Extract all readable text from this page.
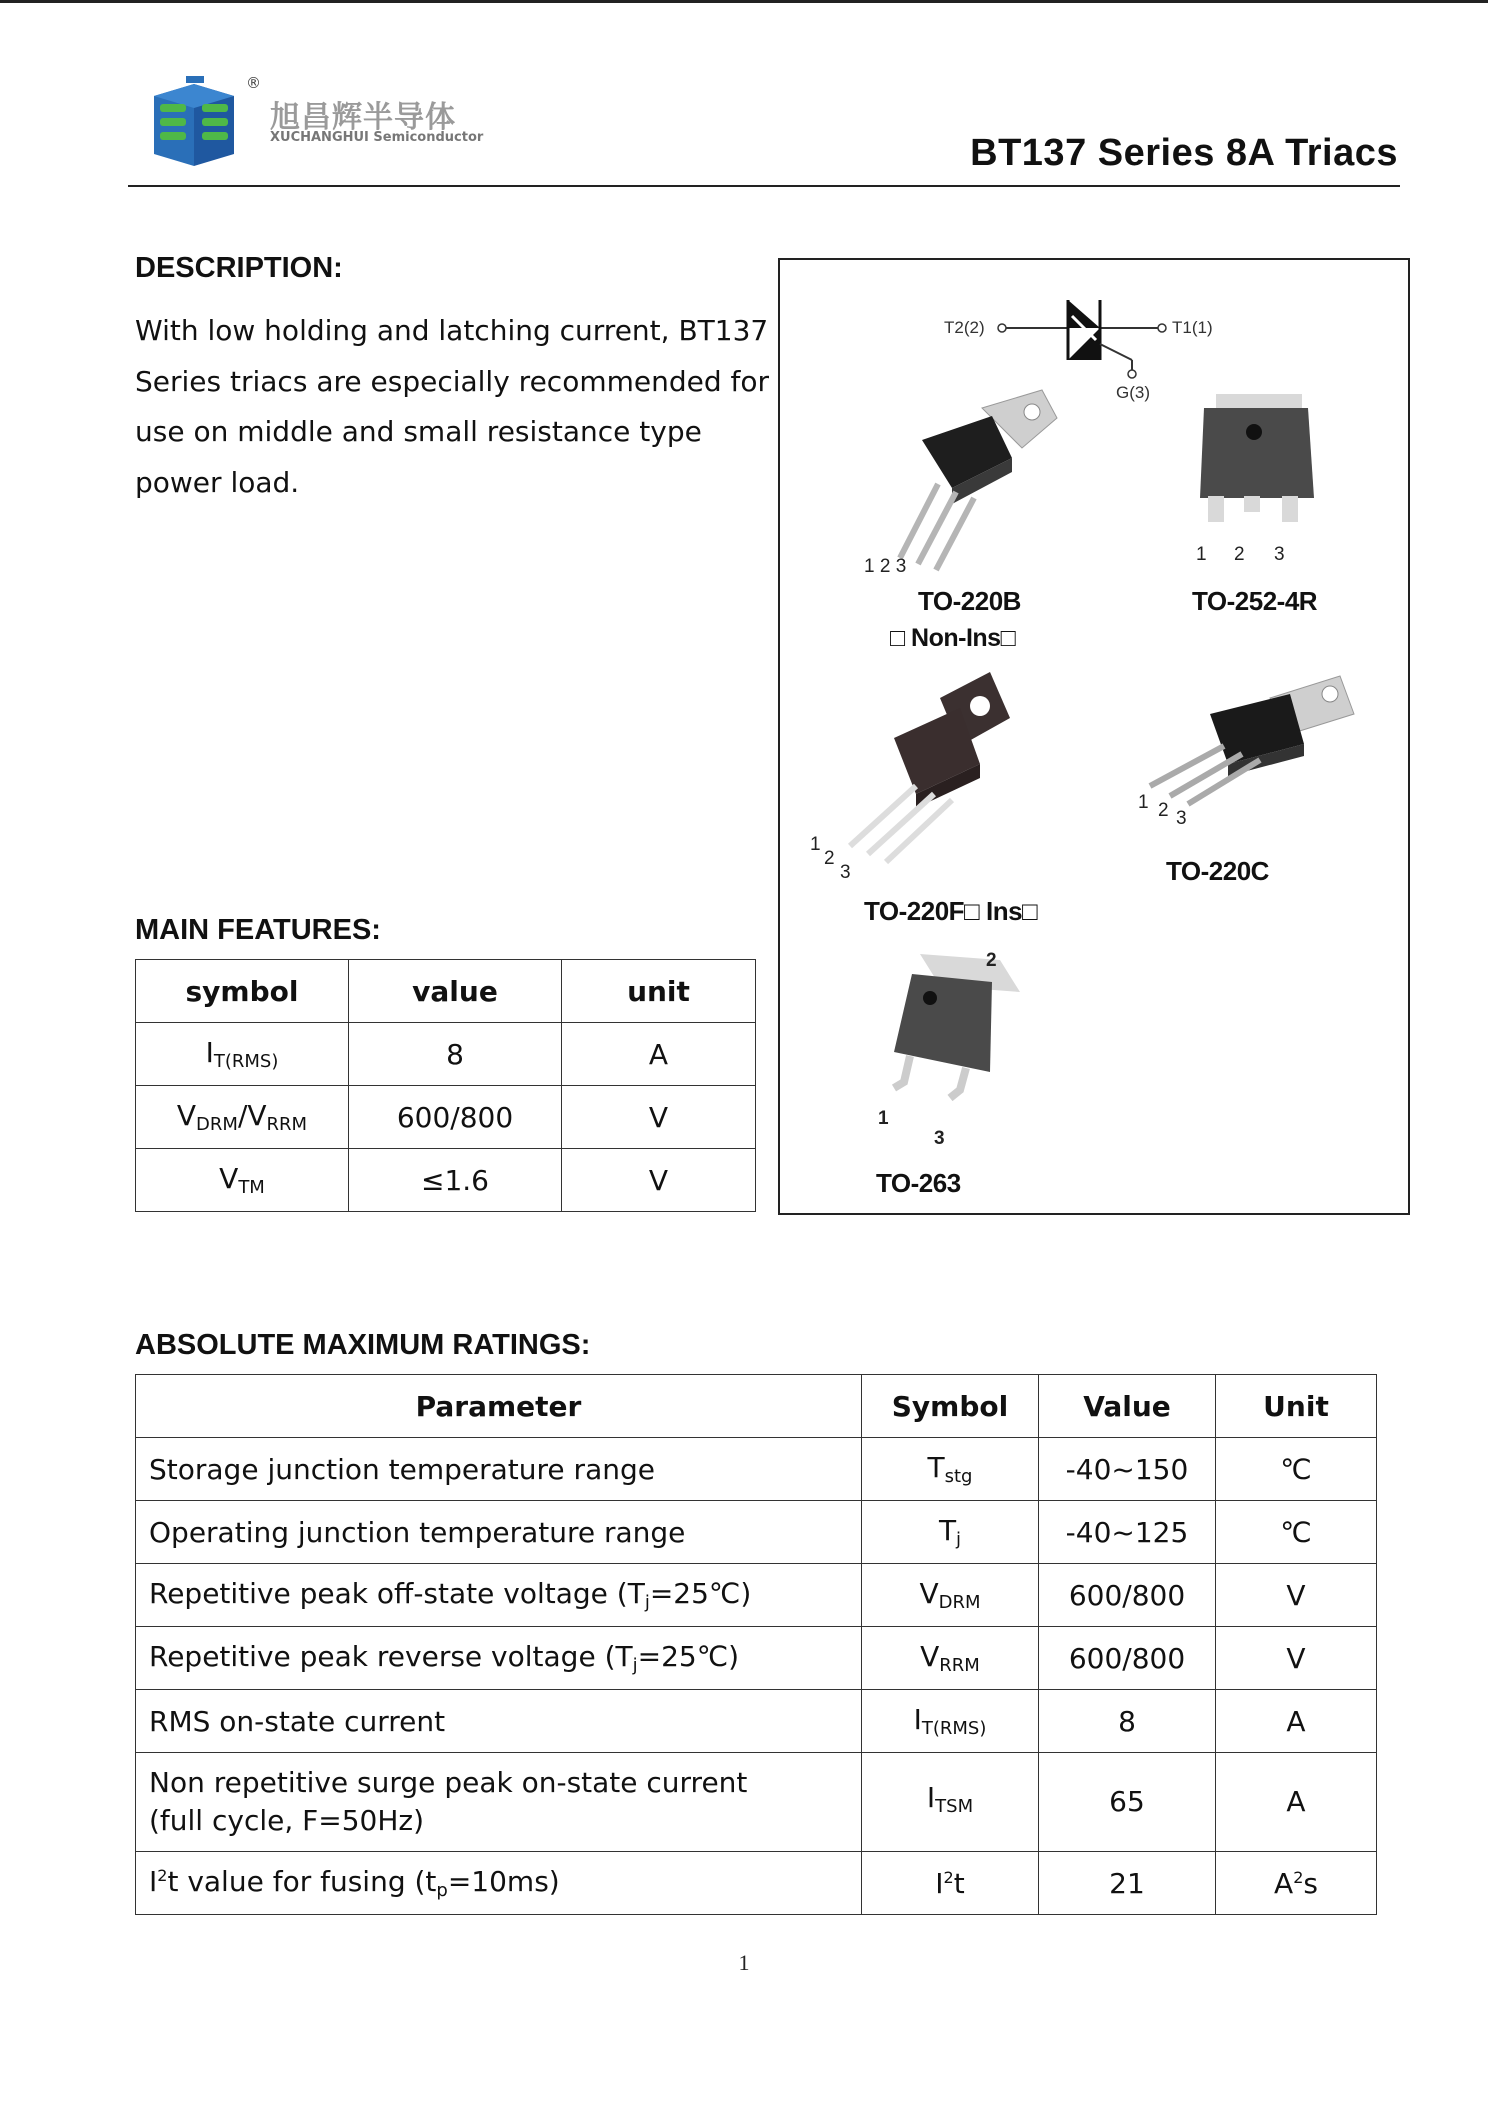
®
旭昌辉半导体
XUCHANGHUI Semiconductor	BT137 Series 8A Triacs
DESCRIPTION:
With low holding and latching current, BT137 Series triacs are especially recommended for use on middle and small resistance type power load.
T2(2)	T1(1)
G(3)
1 2 3
TO-220B
□ Non-Ins□
1 2 3
TO-252-4R
1
2
3
TO-220F□ Ins□
1 2 3
TO-220C
2
1
3
TO-263
MAIN FEATURES:
symbol	value	unit
$I_{T(RMS)}$	8	A
$V_{DRM}/V_{RRM}$	600/800	V
$V_{TM}$	≤1.6	V
ABSOLUTE MAXIMUM RATINGS:
Parameter	Symbol	Value	Unit
Storage junction temperature range	$T_{stg}$	-40~150	℃
Operating junction temperature range	$T_j$	-40~125	℃
Repetitive peak off-state voltage $(T_j=25℃)$	$V_{DRM}$	600/800	V
Repetitive peak reverse voltage $(T_j=25℃)$	$V_{RRM}$	600/800	V
RMS on-state current	$I_{T(RMS)}$	8	A
Non repetitive surge peak on-state current
(full cycle, F=50Hz)	$I_{TSM}$	65	A
$I^2t$ value for fusing $(t_p=10ms)$	$I^2t$	21	$A^2s$
1
